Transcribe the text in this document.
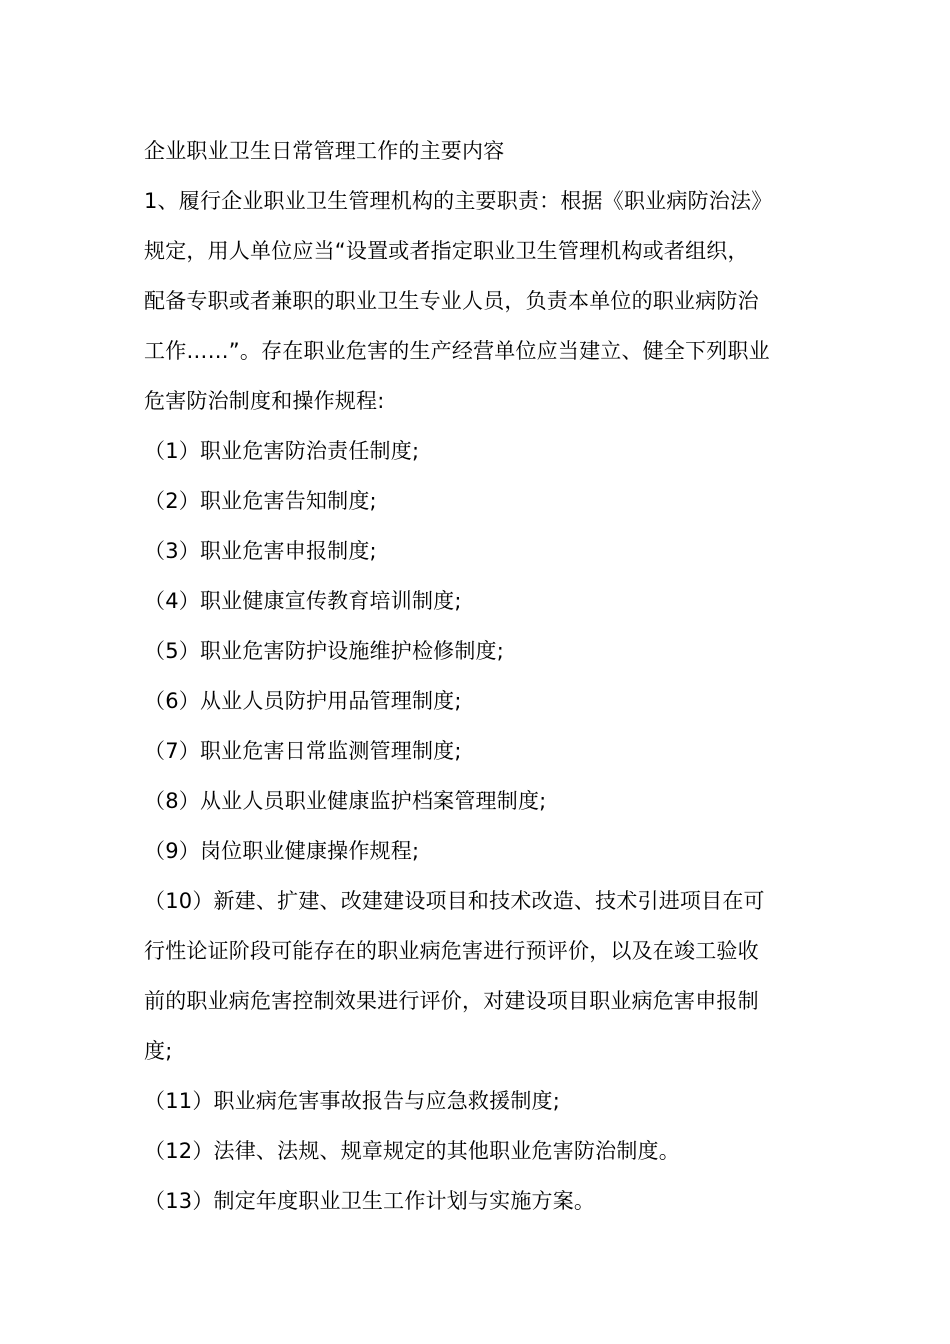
企业职业卫生日常管理工作的主要内容
1、履行企业职业卫生管理机构的主要职责：根据《职业病防治法》
规定，用人单位应当“设置或者指定职业卫生管理机构或者组织，
配备专职或者兼职的职业卫生专业人员，负责本单位的职业病防治
工作……”。存在职业危害的生产经营单位应当建立、健全下列职业
危害防治制度和操作规程:
（1）职业危害防治责任制度;
（2）职业危害告知制度;
（3）职业危害申报制度;
（4）职业健康宣传教育培训制度;
（5）职业危害防护设施维护检修制度;
（6）从业人员防护用品管理制度;
（7）职业危害日常监测管理制度;
（8）从业人员职业健康监护档案管理制度;
（9）岗位职业健康操作规程;
（10）新建、扩建、改建建设项目和技术改造、技术引进项目在可
行性论证阶段可能存在的职业病危害进行预评价，以及在竣工验收
前的职业病危害控制效果进行评价，对建设项目职业病危害申报制
度;
（11）职业病危害事故报告与应急救援制度;
（12）法律、法规、规章规定的其他职业危害防治制度。
（13）制定年度职业卫生工作计划与实施方案。
